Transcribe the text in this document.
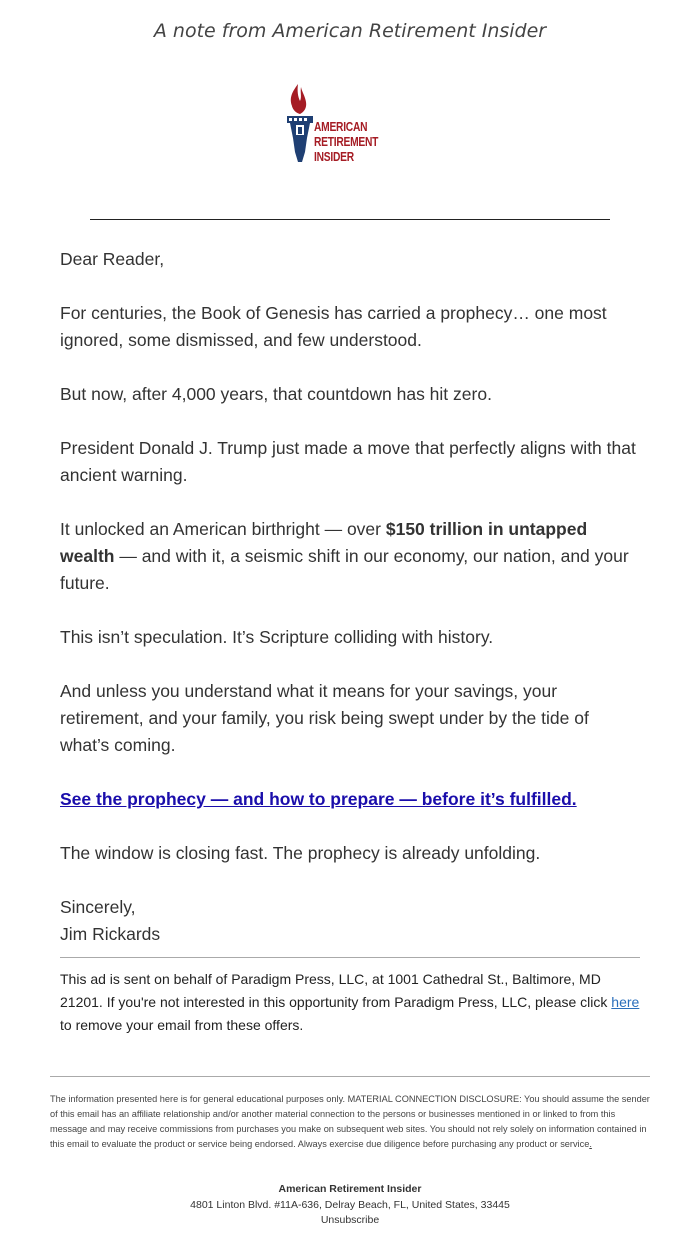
A note from American Retirement Insider
AMERICAN
RETIREMENT INSIDER

Dear Reader,

For centuries, the Book of Genesis has carried a prophecy… one most ignored, some dismissed, and few understood.

But now, after 4,000 years, that countdown has hit zero.

President Donald J. Trump just made a move that perfectly aligns with that ancient warning.

It unlocked an American birthright — over $150 trillion in untapped wealth — and with it, a seismic shift in our economy, our nation, and your future.

This isn’t speculation. It’s Scripture colliding with history.

And unless you understand what it means for your savings, your retirement, and your family, you risk being swept under by the tide of what’s coming.

See the prophecy — and how to prepare — before it’s fulfilled.

The window is closing fast. The prophecy is already unfolding.

Sincerely,

Jim Rickards

This ad is sent on behalf of Paradigm Press, LLC, at 1001 Cathedral St., Baltimore, MD 21201. If you're not interested in this opportunity from Paradigm Press, LLC, please click here to remove your email from these offers.
The information presented here is for general educational purposes only. MATERIAL CONNECTION DISCLOSURE: You should assume the sender of this email has an affiliate relationship and/or another material connection to the persons or businesses mentioned in or linked to from this message and may receive commissions from purchases you make on subsequent web sites. You should not rely solely on information contained in this email to evaluate the product or service being endorsed. Always exercise due diligence before purchasing any product or service.
American Retirement Insider
4801 Linton Blvd. #11A-636, Delray Beach, FL, United States, 33445
Unsubscribe
